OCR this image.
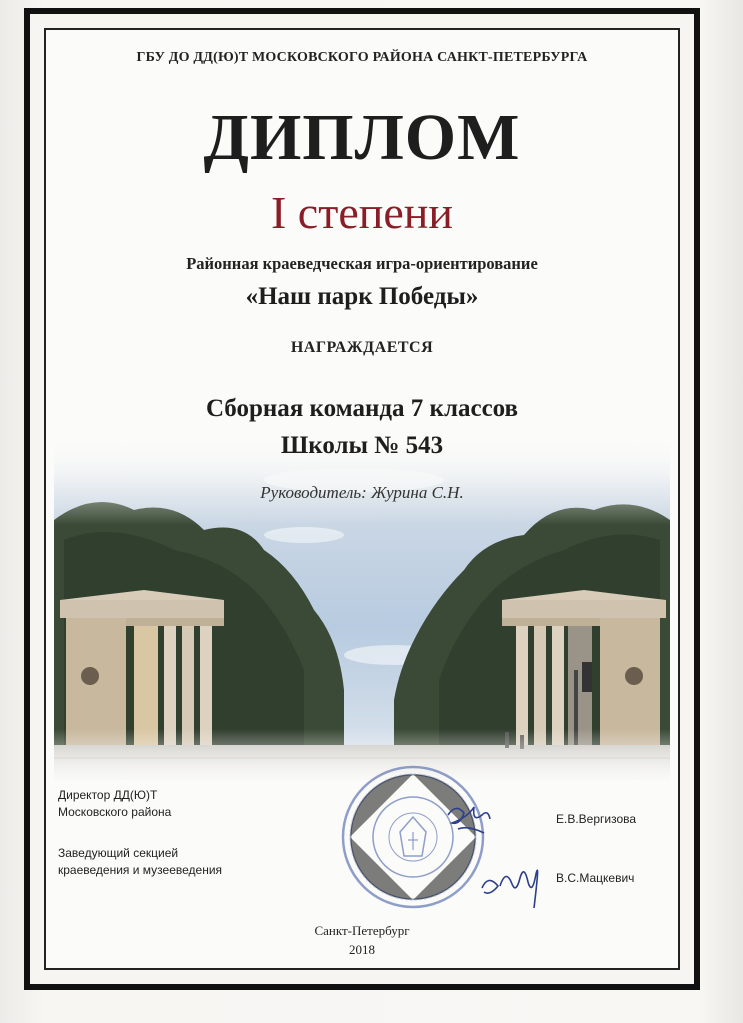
ГБУ ДО ДД(Ю)Т МОСКОВСКОГО РАЙОНА САНКТ-ПЕТЕРБУРГА
ДИПЛОМ
I степени
Районная краеведческая игра-ориентирование
«Наш парк Победы»
НАГРАЖДАЕТСЯ
Сборная команда 7 классов
Школы № 543
Руководитель: Журина С.Н.
Директор ДД(Ю)Т
Московского района	Е.В.Вергизова
Заведующий секцией
краеведения и музееведения
В.С.Мацкевич
Санкт-Петербург
2018
